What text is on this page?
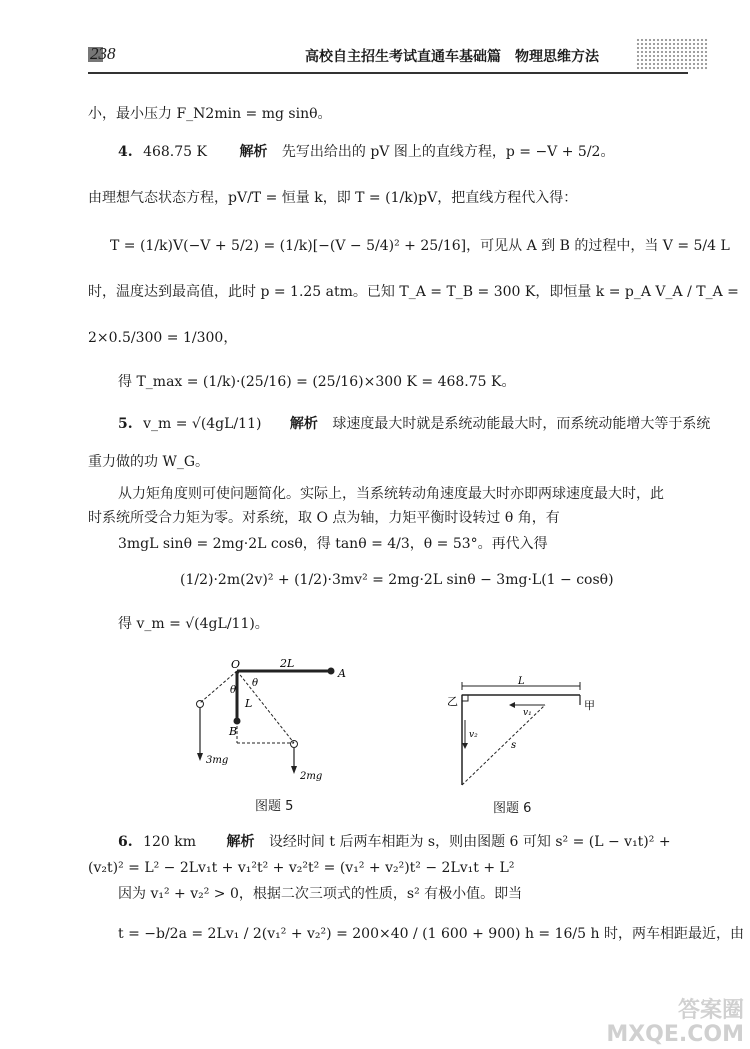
238	高校自主招生考试直通车基础篇　物理思维方法
小，最小压力 F_N2min = mg sinθ。
4. 468.75 K 解析 先写出给出的 pV 图上的直线方程，p = −V + 5/2。
由理想气态状态方程，pV/T = 恒量 k，即 T = (1/k)pV，把直线方程代入得：
T = (1/k)V(−V + 5/2) = (1/k)[−(V − 5/4)² + 25/16]，可见从 A 到 B 的过程中，当 V = 5/4 L
时，温度达到最高值，此时 p = 1.25 atm。已知 T_A = T_B = 300 K，即恒量 k = p_A V_A / T_A =
2×0.5/300 = 1/300，
得 T_max = (1/k)·(25/16) = (25/16)×300 K = 468.75 K。
5. v_m = √(4gL/11) 解析 球速度最大时就是系统动能最大时，而系统动能增大等于系统
重力做的功 W_G。
从力矩角度则可使问题简化。实际上，当系统转动角速度最大时亦即两球速度最大时，此
时系统所受合力矩为零。对系统，取 O 点为轴，力矩平衡时设转过 θ 角，有
3mgL sinθ = 2mg·2L cosθ，得 tanθ = 4/3，θ = 53°。再代入得
(1/2)·2m(2v)² + (1/2)·3mv² = 2mg·2L sinθ − 3mg·L(1 − cosθ)
得 v_m = √(4gL/11)。
O	2L
A
L
B
θ
θ
3mg
2mg
图题 5
L
乙	甲
v₁
v₂
s
图题 6
6. 120 km 解析 设经时间 t 后两车相距为 s，则由图题 6 可知 s² = (L − v₁t)² +
(v₂t)² = L² − 2Lv₁t + v₁²t² + v₂²t² = (v₁² + v₂²)t² − 2Lv₁t + L²
因为 v₁² + v₂² > 0，根据二次三项式的性质，s² 有极小值。即当
t = −b/2a = 2Lv₁ / 2(v₁² + v₂²) = 200×40 / (1 600 + 900) h = 16/5 h 时，两车相距最近，由
答案圈
MXQE.COM
